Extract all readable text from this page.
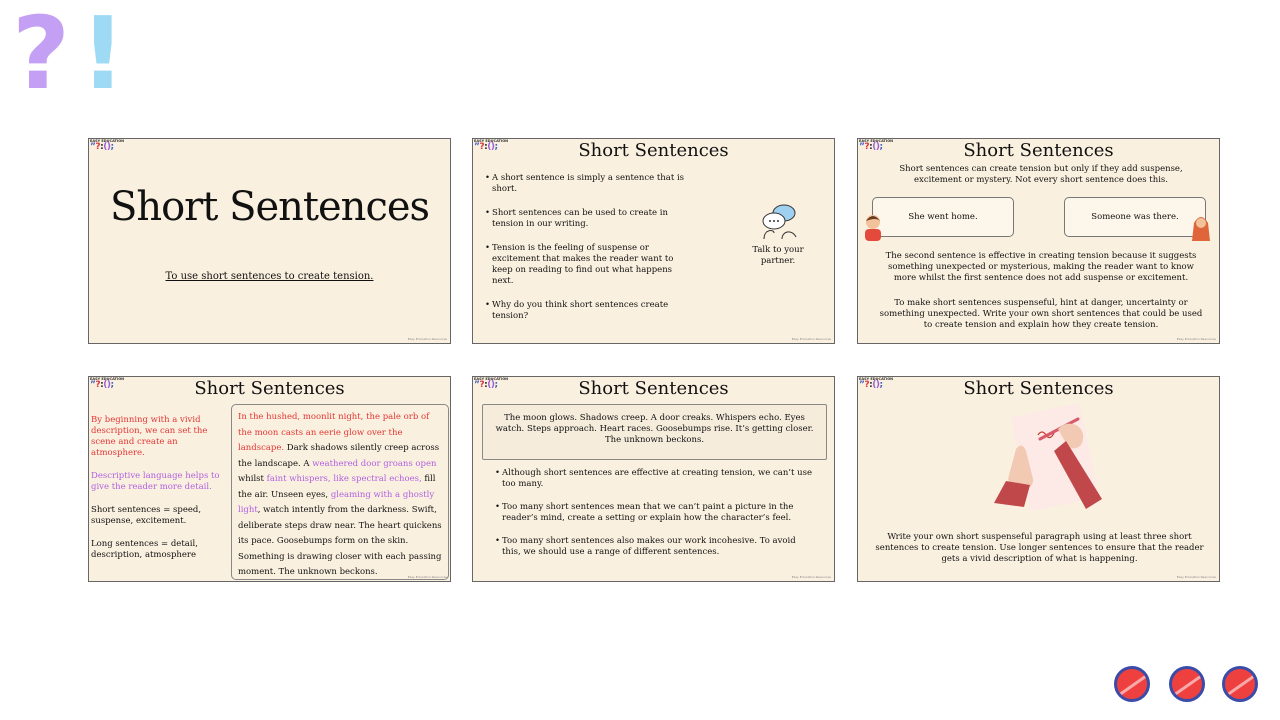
? !
EASY EDUCATION
”?:();
Short Sentences
To use short sentences to create tension.
Easy Education Resources
EASY EDUCATION
”?:();	Short Sentences
• A short sentence is simply a sentence that is short.
• Short sentences can be used to create in tension in our writing.
• Tension is the feeling of suspense or excitement that makes the reader want to keep on reading to find out what happens next.
• Why do you think short sentences create tension?
Talk to your partner.
Easy Education Resources
EASY EDUCATION
”?:();	Short Sentences
Short sentences can create tension but only if they add suspense, excitement or mystery. Not every short sentence does this.
She went home.	Someone was there.
The second sentence is effective in creating tension because it suggests something unexpected or mysterious, making the reader want to know more whilst the first sentence does not add suspense or excitement.
To make short sentences suspenseful, hint at danger, uncertainty or something unexpected. Write your own short sentences that could be used to create tension and explain how they create tension.
Easy Education Resources
EASY EDUCATION
”?:();	Short Sentences

By beginning with a vivid description, we can set the scene and create an atmosphere.

Descriptive language helps to give the reader more detail.

Short sentences = speed, suspense, excitement.

Long sentences = detail, description, atmosphere

In the hushed, moonlit night, the pale orb of the moon casts an eerie glow over the landscape. Dark shadows silently creep across the landscape. A weathered door groans open whilst faint whispers, like spectral echoes, fill the air. Unseen eyes, gleaming with a ghostly light, watch intently from the darkness. Swift, deliberate steps draw near. The heart quickens its pace. Goosebumps form on the skin. Something is drawing closer with each passing moment. The unknown beckons.	Easy Education Resources
EASY EDUCATION
”?:();	Short Sentences
The moon glows. Shadows creep. A door creaks. Whispers echo. Eyes watch. Steps approach. Heart races. Goosebumps rise. It’s getting closer. The unknown beckons.
• Although short sentences are effective at creating tension, we can’t use too many.
• Too many short sentences mean that we can’t paint a picture in the reader’s mind, create a setting or explain how the character’s feel.
• Too many short sentences also makes our work incohesive. To avoid this, we should use a range of different sentences.
Easy Education Resources
EASY EDUCATION
”?:();	Short Sentences
Write your own short suspenseful paragraph using at least three short sentences to create tension. Use longer sentences to ensure that the reader gets a vivid description of what is happening.
Easy Education Resources
